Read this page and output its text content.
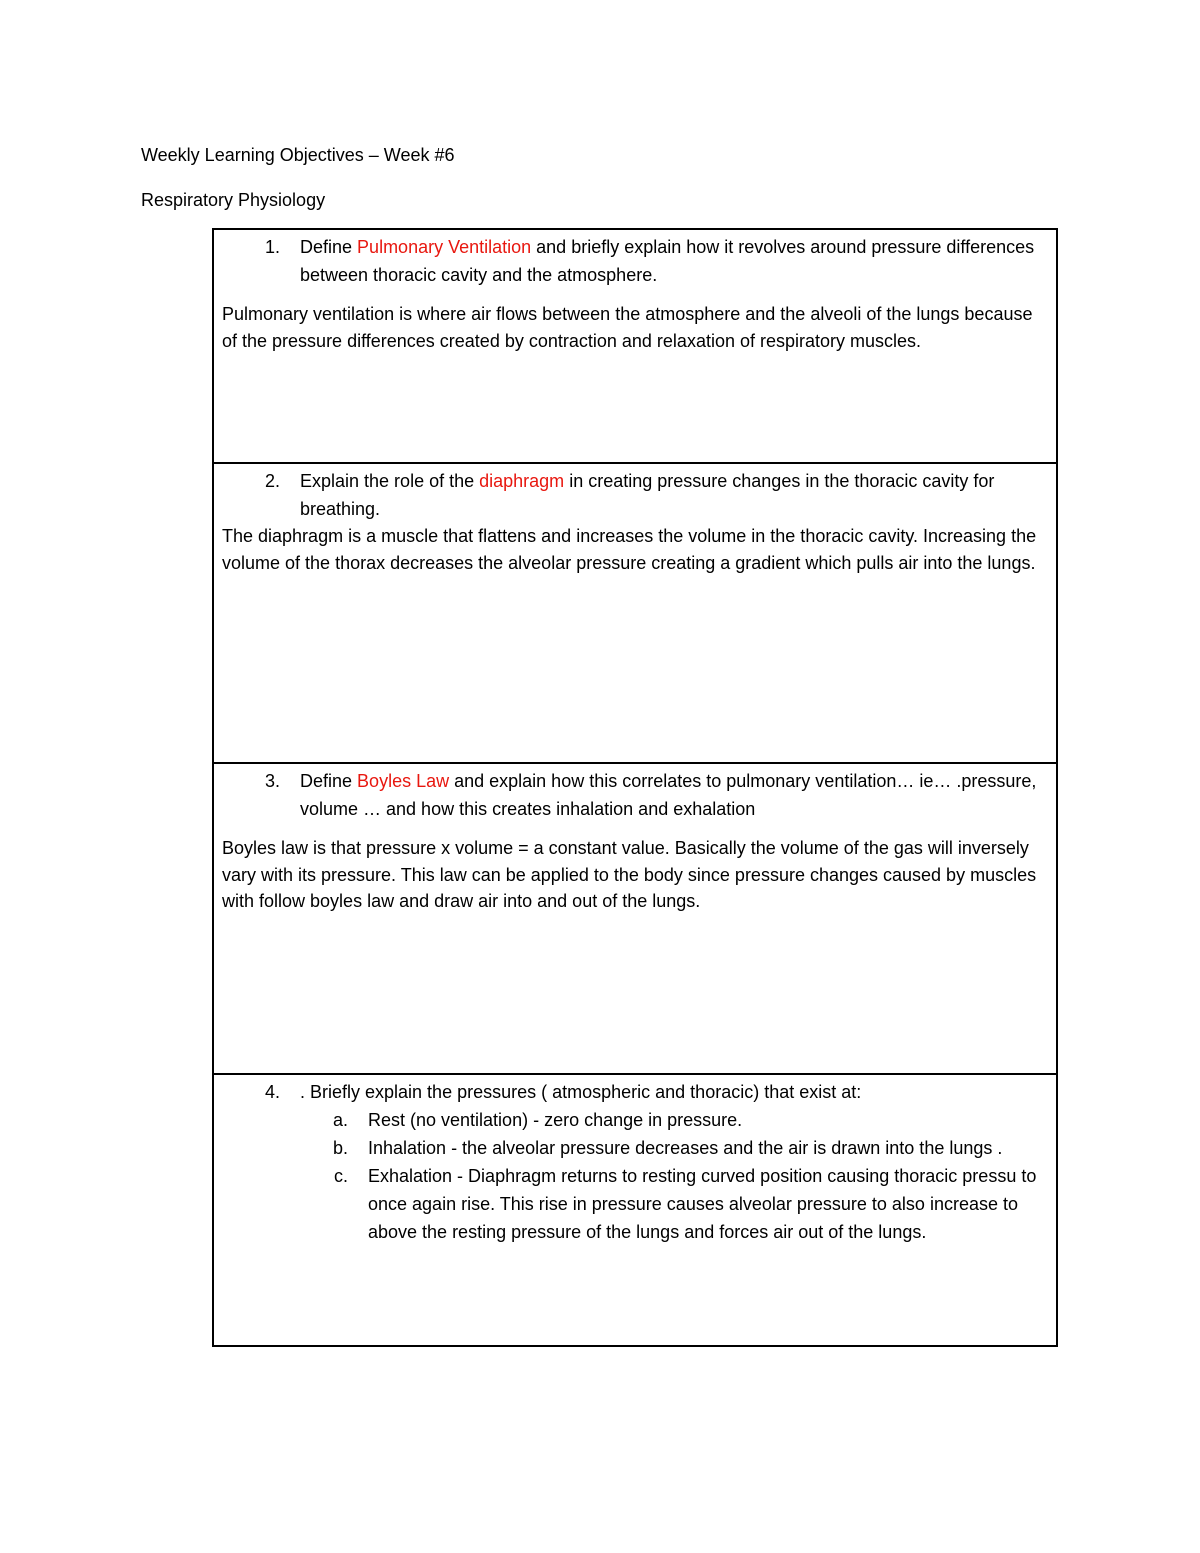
Weekly Learning Objectives – Week #6
Respiratory Physiology
1.	Define Pulmonary Ventilation and briefly explain how it revolves around pressure differences between thoracic cavity and the atmosphere.
Pulmonary ventilation is where air flows between the atmosphere and the alveoli of the lungs because of the pressure differences created by contraction and relaxation of respiratory muscles.

2.	Explain the role of the diaphragm in creating pressure changes in the thoracic cavity for breathing.
The diaphragm is a muscle that flattens and increases the volume in the thoracic cavity. Increasing the volume of the thorax decreases the alveolar pressure creating a gradient which pulls air into the lungs.

3.	Define Boyles Law and explain how this correlates to pulmonary ventilation… ie… .pressure, volume … and how this creates inhalation and exhalation
Boyles law is that pressure x volume = a constant value. Basically the volume of the gas will inversely vary with its pressure. This law can be applied to the body since pressure changes caused by muscles with follow boyles law and draw air into and out of the lungs.

4.	. Briefly explain the pressures ( atmospheric and thoracic) that exist at:
a.	Rest (no ventilation) - zero change in pressure.
b.	Inhalation - the alveolar pressure decreases and the air is drawn into the lungs .
c.	Exhalation - Diaphragm returns to resting curved position causing thoracic pressu to once again rise. This rise in pressure causes alveolar pressure to also increase to above the resting pressure of the lungs and forces air out of the lungs.
